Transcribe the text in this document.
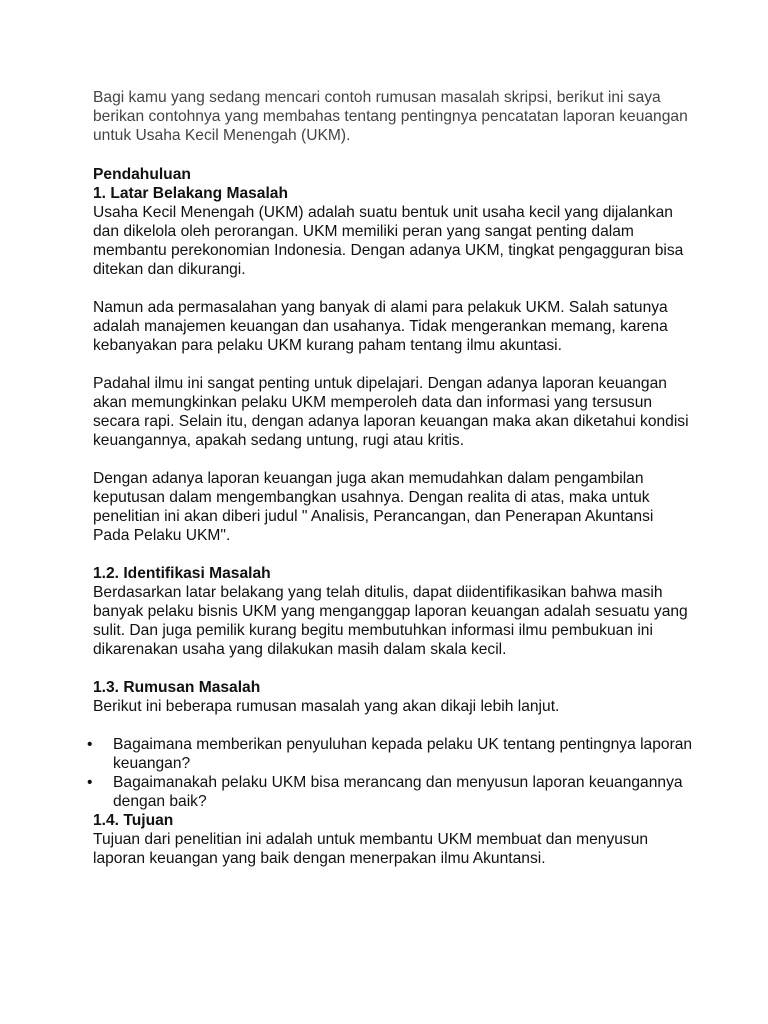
Bagi kamu yang sedang mencari contoh rumusan masalah skripsi, berikut ini saya berikan contohnya yang membahas tentang pentingnya pencatatan laporan keuangan untuk Usaha Kecil Menengah (UKM).

Pendahuluan

1. Latar Belakang Masalah

Usaha Kecil Menengah (UKM) adalah suatu bentuk unit usaha kecil yang dijalankan dan dikelola oleh perorangan. UKM memiliki peran yang sangat penting dalam membantu perekonomian Indonesia. Dengan adanya UKM, tingkat pengagguran bisa ditekan dan dikurangi.

Namun ada permasalahan yang banyak di alami para pelakuk UKM. Salah satunya adalah manajemen keuangan dan usahanya. Tidak mengerankan memang, karena kebanyakan para pelaku UKM kurang paham tentang ilmu akuntasi.

Padahal ilmu ini sangat penting untuk dipelajari. Dengan adanya laporan keuangan akan memungkinkan pelaku UKM memperoleh data dan informasi yang tersusun secara rapi. Selain itu, dengan adanya laporan keuangan maka akan diketahui kondisi keuangannya, apakah sedang untung, rugi atau kritis.

Dengan adanya laporan keuangan juga akan memudahkan dalam pengambilan keputusan dalam mengembangkan usahnya. Dengan realita di atas, maka untuk penelitian ini akan diberi judul " Analisis, Perancangan, dan Penerapan Akuntansi Pada Pelaku UKM".

1.2. Identifikasi Masalah

Berdasarkan latar belakang yang telah ditulis, dapat diidentifikasikan bahwa masih banyak pelaku bisnis UKM yang menganggap laporan keuangan adalah sesuatu yang sulit. Dan juga pemilik kurang begitu membutuhkan informasi ilmu pembukuan ini dikarenakan usaha yang dilakukan masih dalam skala kecil.

1.3. Rumusan Masalah

Berikut ini beberapa rumusan masalah yang akan dikaji lebih lanjut.

• Bagaimana memberikan penyuluhan kepada pelaku UK tentang pentingnya laporan keuangan?
• Bagaimanakah pelaku UKM bisa merancang dan menyusun laporan keuangannya dengan baik?

1.4. Tujuan

Tujuan dari penelitian ini adalah untuk membantu UKM membuat dan menyusun laporan keuangan yang baik dengan menerpakan ilmu Akuntansi.
